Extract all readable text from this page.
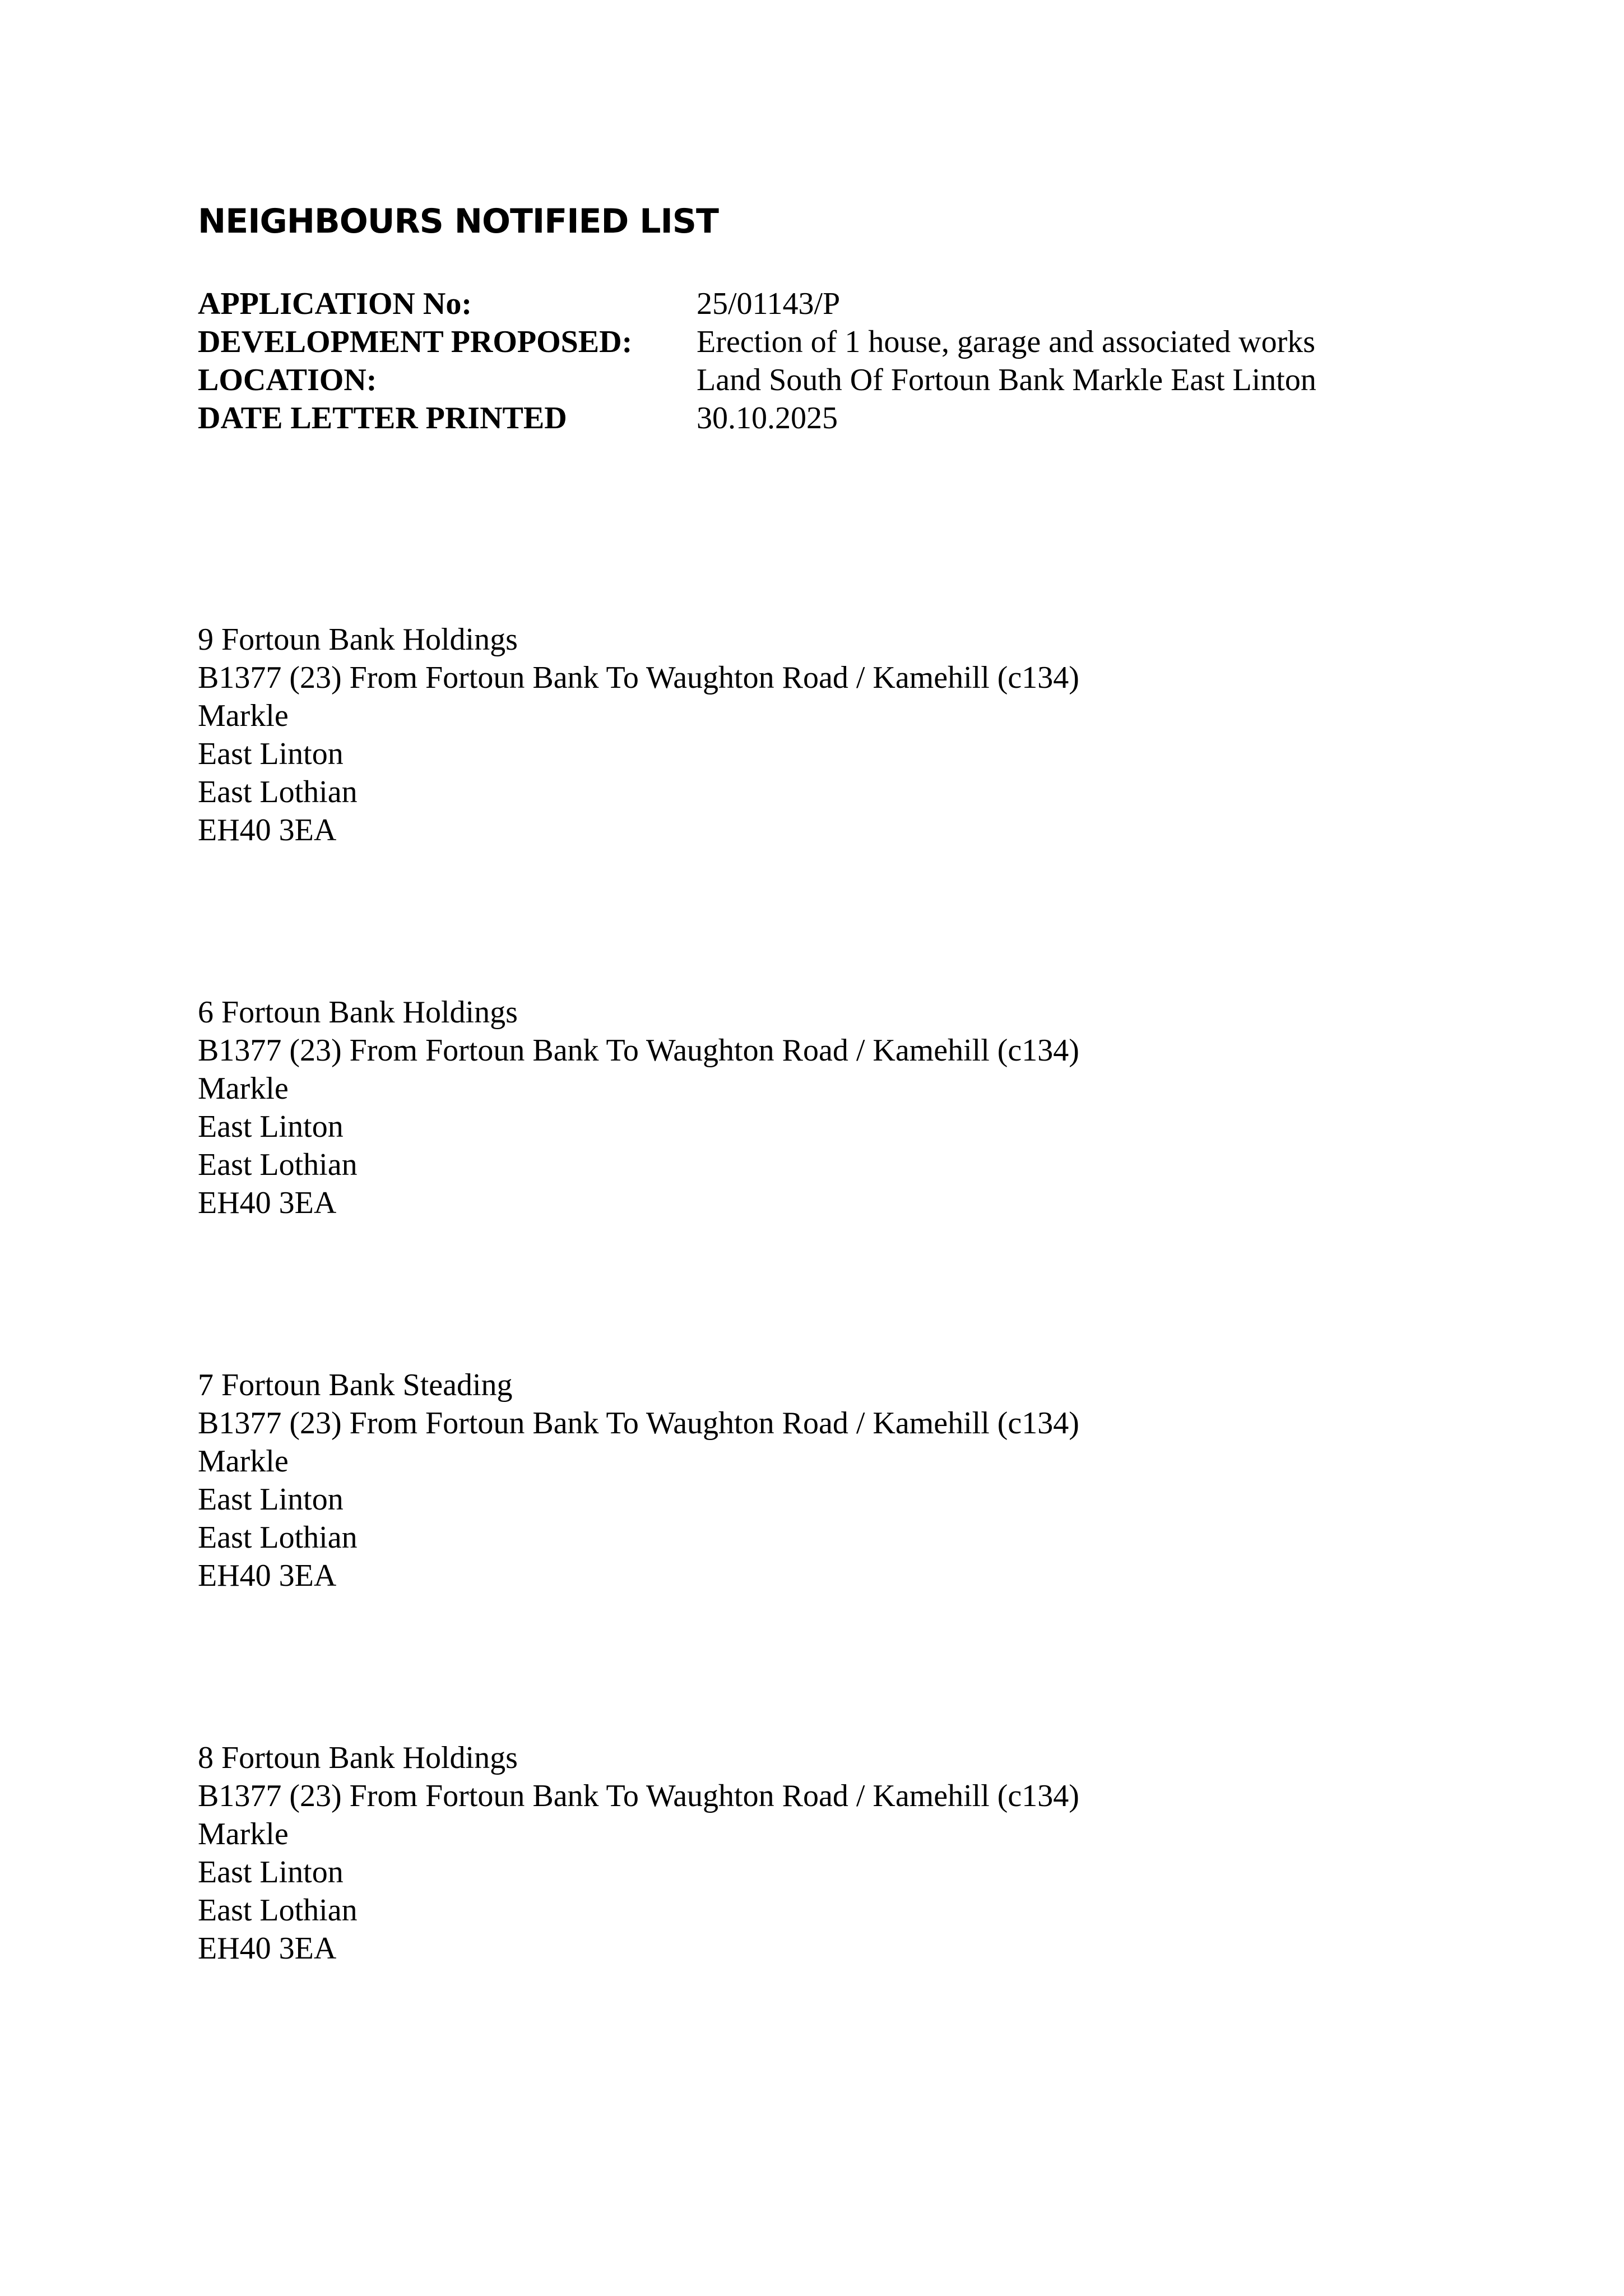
NEIGHBOURS NOTIFIED LIST
APPLICATION No:	25/01143/P
DEVELOPMENT PROPOSED:	Erection of 1 house, garage and associated works
LOCATION:	Land South Of Fortoun Bank Markle East Linton
DATE LETTER PRINTED	30.10.2025
9 Fortoun Bank Holdings
B1377 (23) From Fortoun Bank To Waughton Road / Kamehill (c134)
Markle
East Linton
East Lothian
EH40 3EA
6 Fortoun Bank Holdings
B1377 (23) From Fortoun Bank To Waughton Road / Kamehill (c134)
Markle
East Linton
East Lothian
EH40 3EA
7 Fortoun Bank Steading
B1377 (23) From Fortoun Bank To Waughton Road / Kamehill (c134)
Markle
East Linton
East Lothian
EH40 3EA
8 Fortoun Bank Holdings
B1377 (23) From Fortoun Bank To Waughton Road / Kamehill (c134)
Markle
East Linton
East Lothian
EH40 3EA
